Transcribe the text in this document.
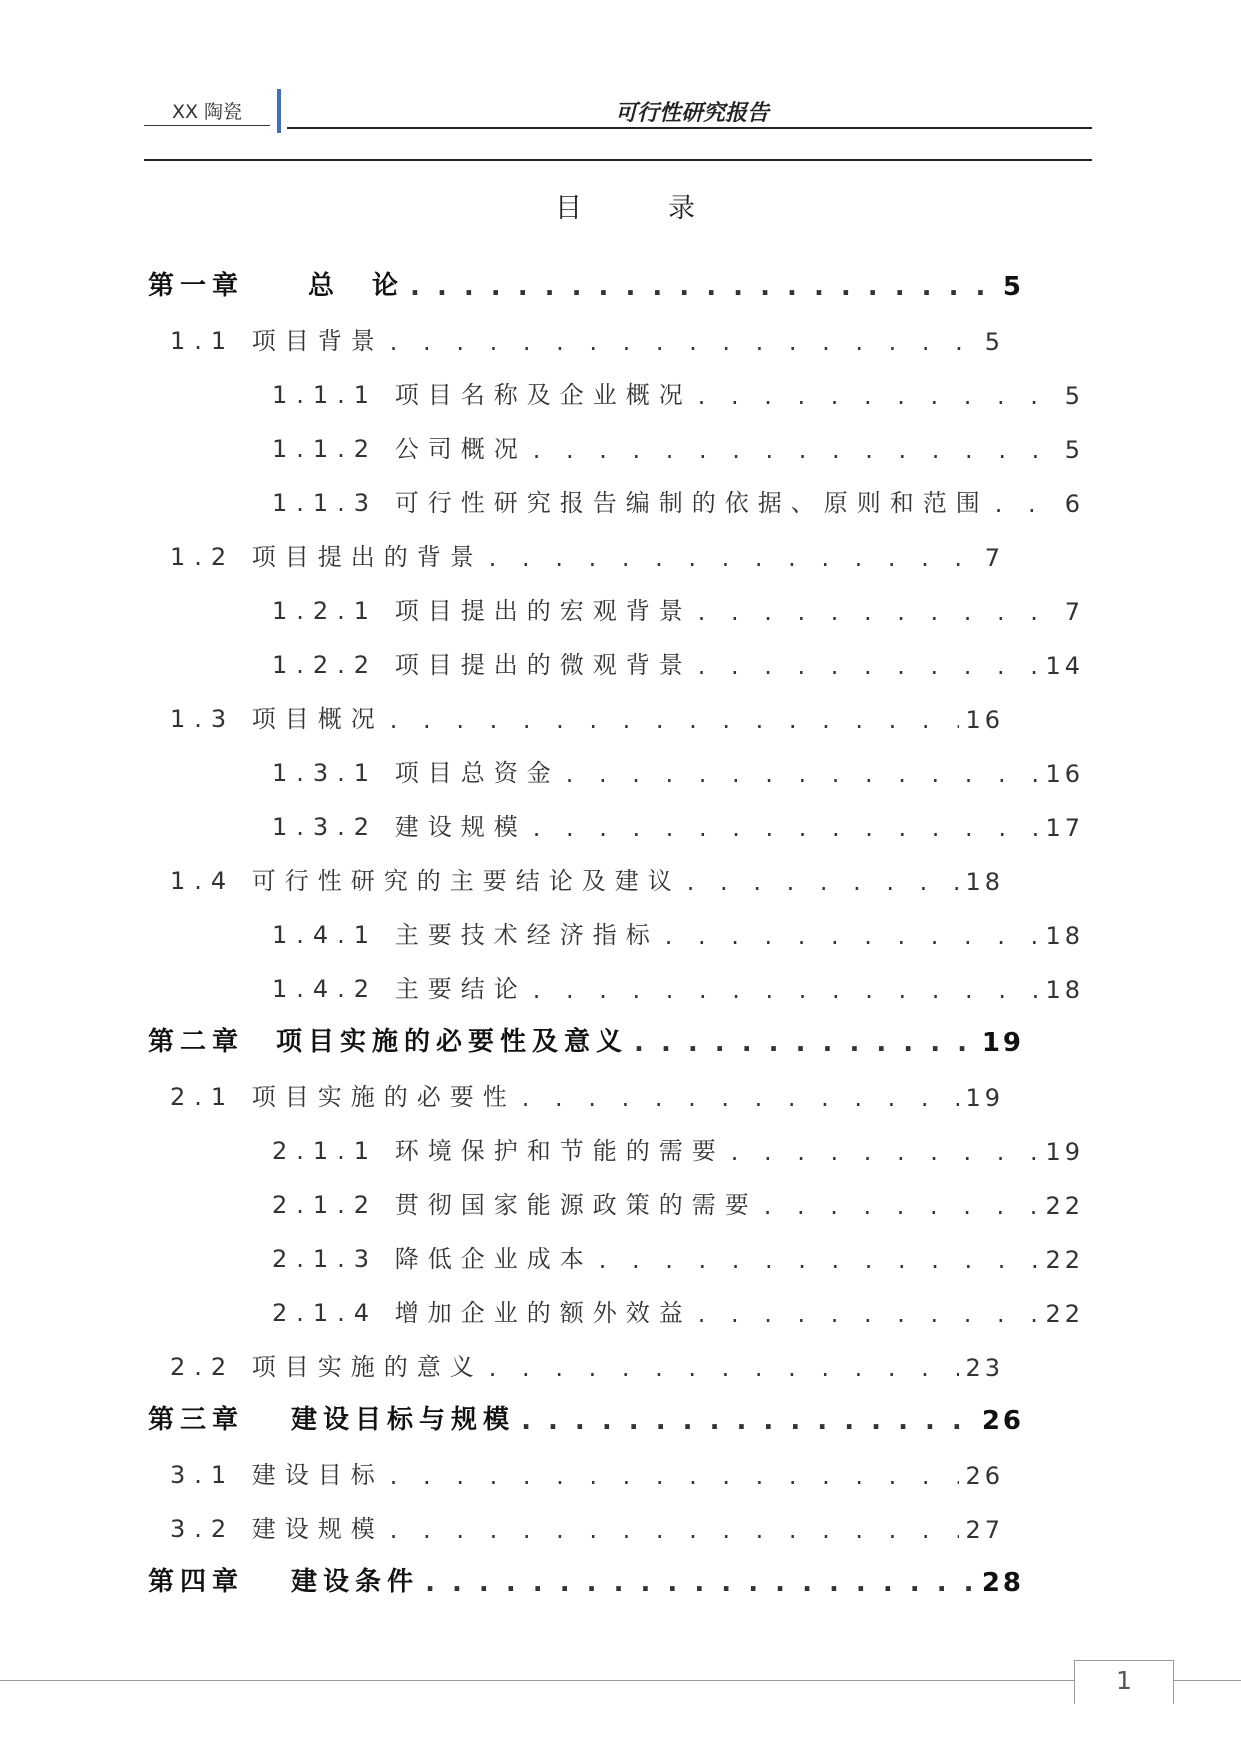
XX 陶瓷	可行性研究报告
目	录
第一章　　总　论 . . .	5
1.1 项目背景 . . .	5
1.1.1 项目名称及企业概况 . . .	5
1.1.2 公司概况 . . .	5
1.1.3 可行性研究报告编制的依据、原则和范围 . . .	6
1.2 项目提出的背景 . . .	7
1.2.1 项目提出的宏观背景 . . .	7
1.2.2 项目提出的微观背景 . . .	14
1.3 项目概况 . . .	16
1.3.1 项目总资金 . . .	16
1.3.2 建设规模 . . .	17
1.4 可行性研究的主要结论及建议 . . .	18
1.4.1 主要技术经济指标 . . .	18
1.4.2 主要结论 . . .	18
第二章　项目实施的必要性及意义 . . .	19
2.1 项目实施的必要性 . . .	19
2.1.1 环境保护和节能的需要 . . .	19
2.1.2 贯彻国家能源政策的需要 . . .	22
2.1.3 降低企业成本 . . .	22
2.1.4 增加企业的额外效益 . . .	22
2.2 项目实施的意义 . . .	23
第三章　 建设目标与规模 . . .	26
3.1 建设目标 . . .	26
3.2 建设规模 . . .	27
第四章　 建设条件 . . .	28
1
